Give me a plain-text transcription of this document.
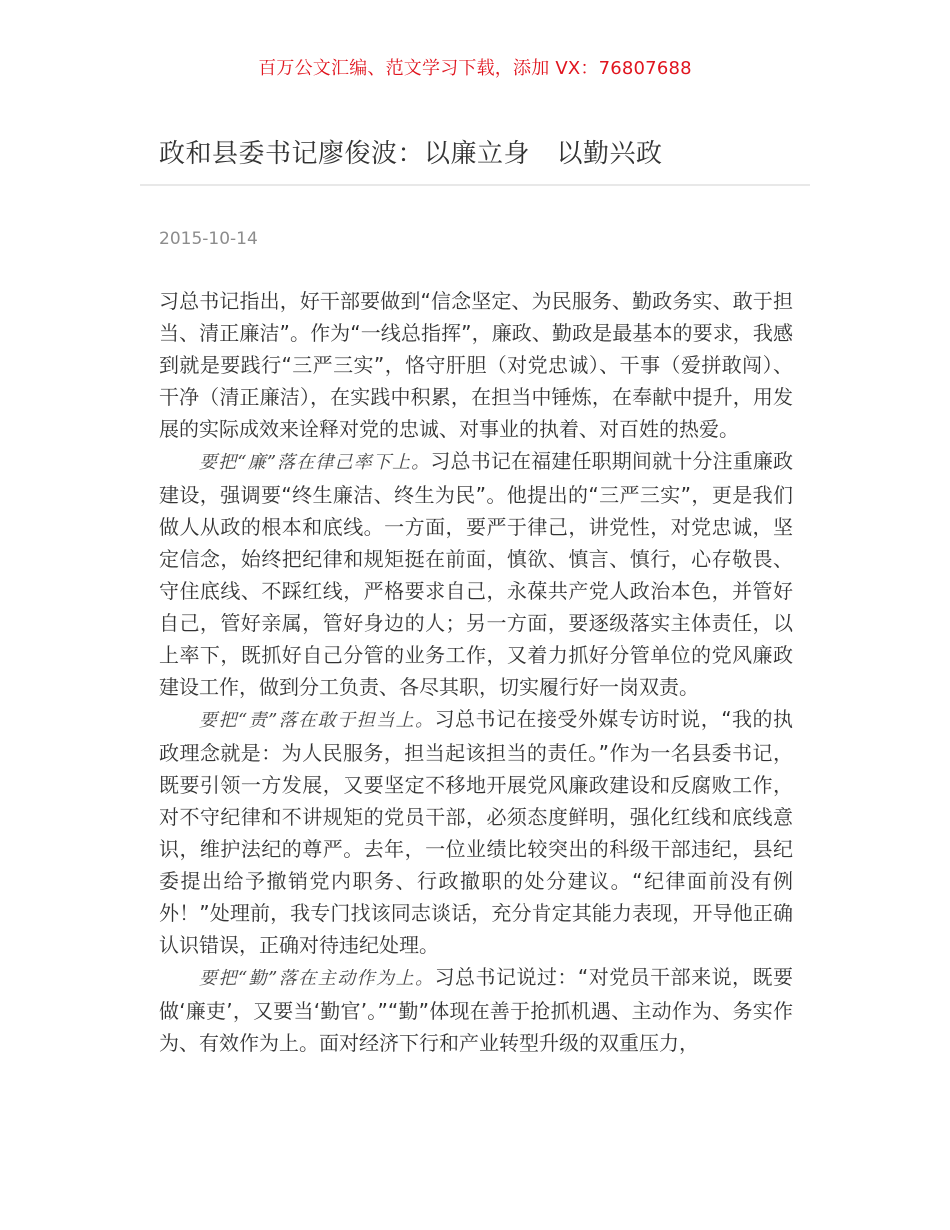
百万公文汇编、范文学习下载，添加 VX：76807688
政和县委书记廖俊波：以廉立身　以勤兴政
2015-10-14

习总书记指出，好干部要做到“信念坚定、为民服务、勤政务实、敢于担当、清正廉洁”。作为“一线总指挥”，廉政、勤政是最基本的要求，我感到就是要践行“三严三实”，恪守肝胆（对党忠诚）、干事（爱拼敢闯）、干净（清正廉洁），在实践中积累，在担当中锤炼，在奉献中提升，用发展的实际成效来诠释对党的忠诚、对事业的执着、对百姓的热爱。

要把“廉”落在律己率下上。习总书记在福建任职期间就十分注重廉政建设，强调要“终生廉洁、终生为民”。他提出的“三严三实”，更是我们做人从政的根本和底线。一方面，要严于律己，讲党性，对党忠诚，坚定信念，始终把纪律和规矩挺在前面，慎欲、慎言、慎行，心存敬畏、守住底线、不踩红线，严格要求自己，永葆共产党人政治本色，并管好自己，管好亲属，管好身边的人；另一方面，要逐级落实主体责任，以上率下，既抓好自己分管的业务工作，又着力抓好分管单位的党风廉政建设工作，做到分工负责、各尽其职，切实履行好一岗双责。

要把“责”落在敢于担当上。习总书记在接受外媒专访时说，“我的执政理念就是：为人民服务，担当起该担当的责任。”作为一名县委书记，既要引领一方发展，又要坚定不移地开展党风廉政建设和反腐败工作，对不守纪律和不讲规矩的党员干部，必须态度鲜明，强化红线和底线意识，维护法纪的尊严。去年，一位业绩比较突出的科级干部违纪，县纪委提出给予撤销党内职务、行政撤职的处分建议。“纪律面前没有例外！”处理前，我专门找该同志谈话，充分肯定其能力表现，开导他正确认识错误，正确对待违纪处理。

要把“勤”落在主动作为上。习总书记说过：“对党员干部来说，既要做‘廉吏’，又要当‘勤官’。”“勤”体现在善于抢抓机遇、主动作为、务实作为、有效作为上。面对经济下行和产业转型升级的双重压力，
